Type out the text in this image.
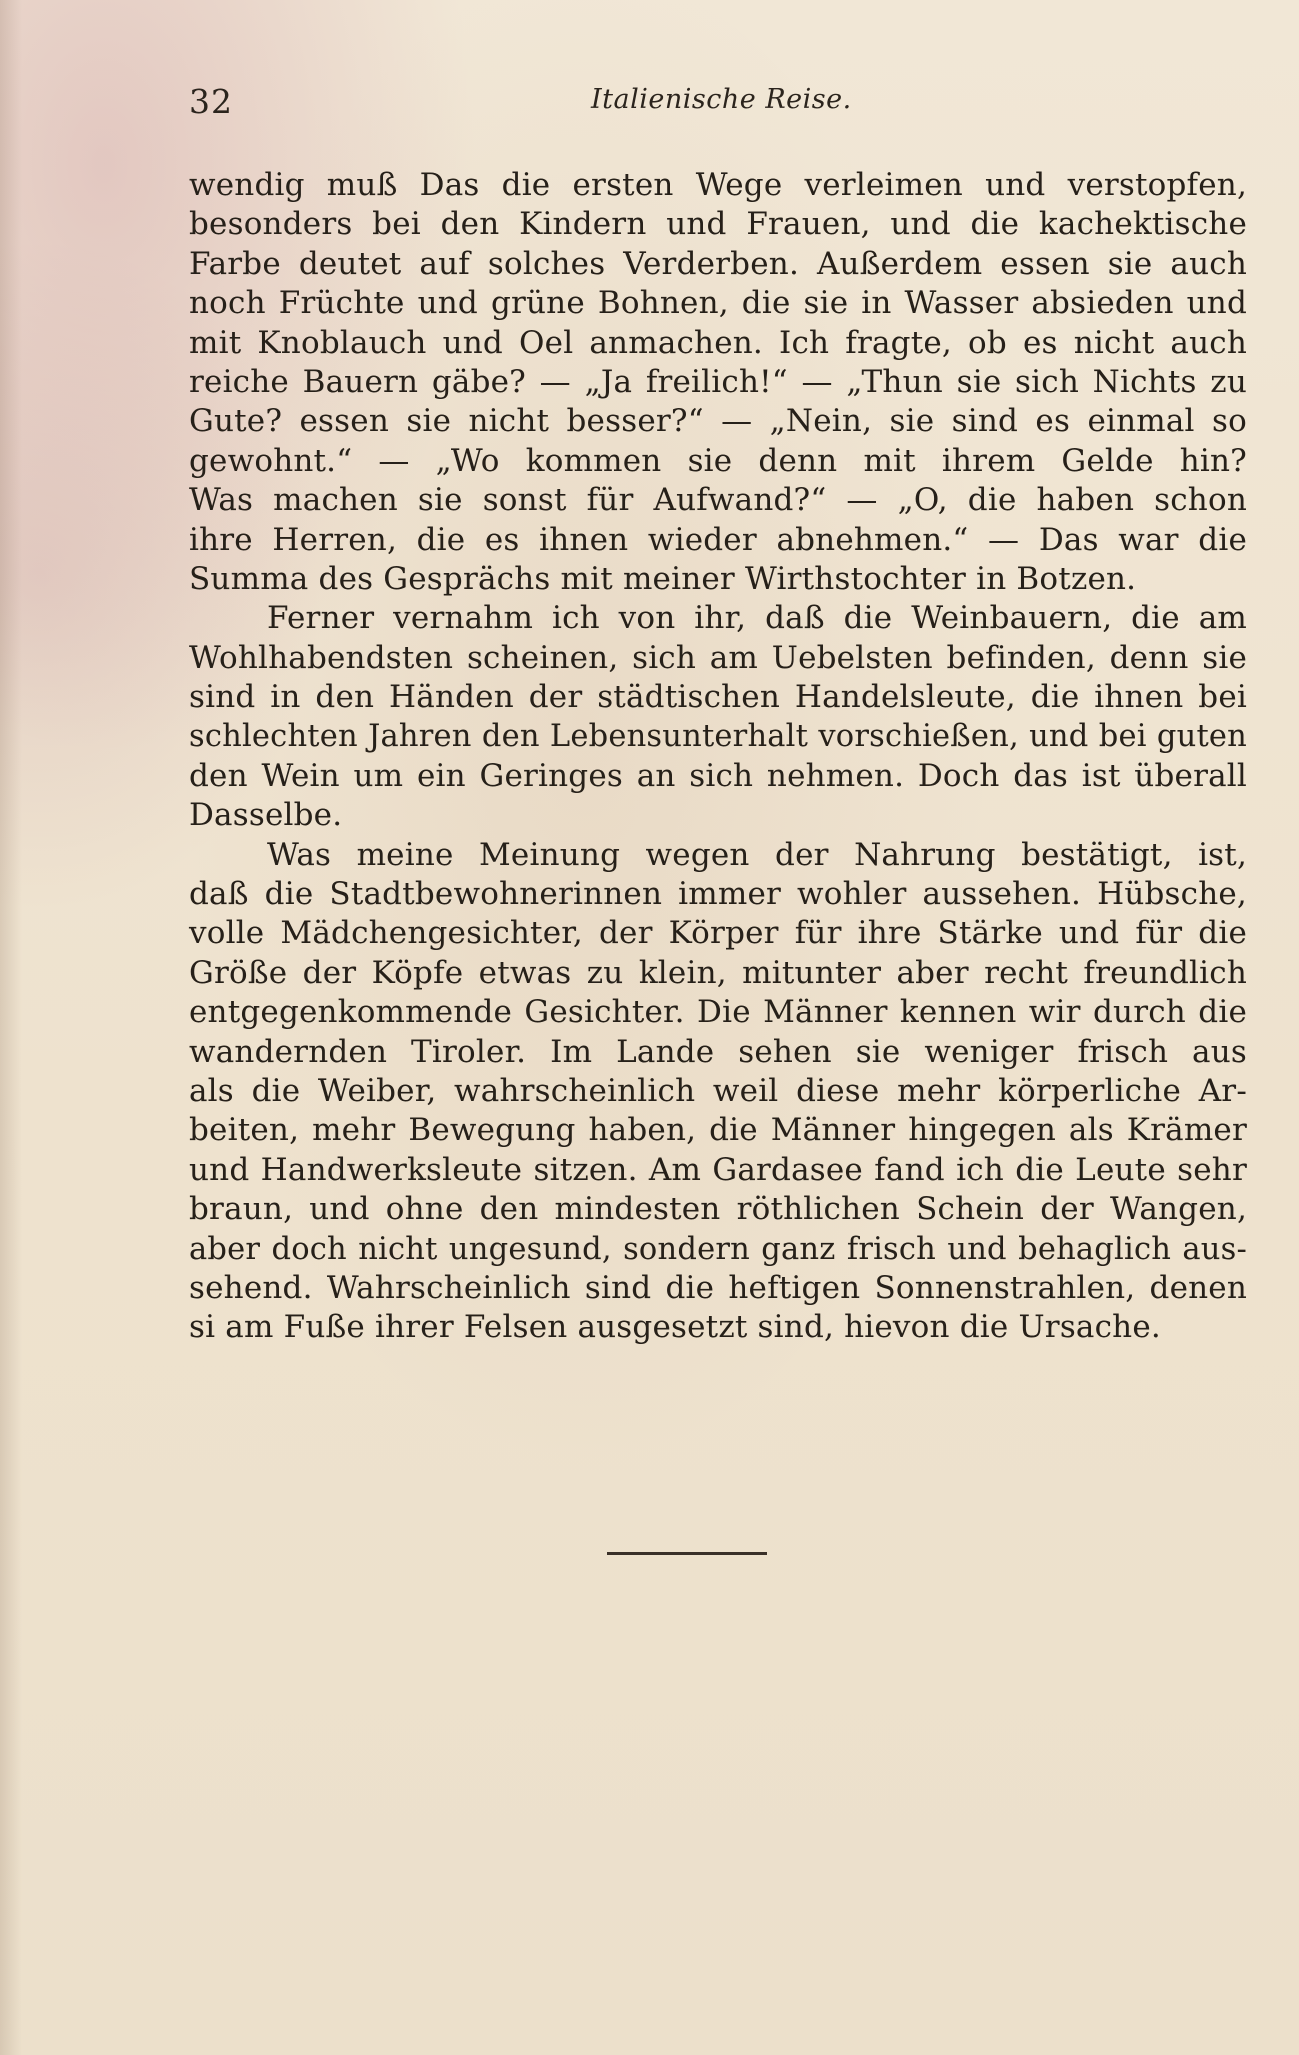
32	Italienische Reise.
wendig muß Das die ersten Wege verleimen und verstopfen,
besonders bei den Kindern und Frauen, und die kachektische
Farbe deutet auf solches Verderben. Außerdem essen sie auch
noch Früchte und grüne Bohnen, die sie in Wasser absieden und
mit Knoblauch und Oel anmachen. Ich fragte, ob es nicht auch
reiche Bauern gäbe? — „Ja freilich!“ — „Thun sie sich Nichts zu
Gute? essen sie nicht besser?“ — „Nein, sie sind es einmal so
gewohnt.“ — „Wo kommen sie denn mit ihrem Gelde hin?
Was machen sie sonst für Aufwand?“ — „O, die haben schon
ihre Herren, die es ihnen wieder abnehmen.“ — Das war die
Summa des Gesprächs mit meiner Wirthstochter in Botzen.
Ferner vernahm ich von ihr, daß die Weinbauern, die am
Wohlhabendsten scheinen, sich am Uebelsten befinden, denn sie
sind in den Händen der städtischen Handelsleute, die ihnen bei
schlechten Jahren den Lebensunterhalt vorschießen, und bei guten
den Wein um ein Geringes an sich nehmen. Doch das ist überall
Dasselbe.
Was meine Meinung wegen der Nahrung bestätigt, ist,
daß die Stadtbewohnerinnen immer wohler aussehen. Hübsche,
volle Mädchengesichter, der Körper für ihre Stärke und für die
Größe der Köpfe etwas zu klein, mitunter aber recht freundlich
entgegenkommende Gesichter. Die Männer kennen wir durch die
wandernden Tiroler. Im Lande sehen sie weniger frisch aus
als die Weiber, wahrscheinlich weil diese mehr körperliche Ar-
beiten, mehr Bewegung haben, die Männer hingegen als Krämer
und Handwerksleute sitzen. Am Gardasee fand ich die Leute sehr
braun, und ohne den mindesten röthlichen Schein der Wangen,
aber doch nicht ungesund, sondern ganz frisch und behaglich aus-
sehend. Wahrscheinlich sind die heftigen Sonnenstrahlen, denen
si am Fuße ihrer Felsen ausgesetzt sind, hievon die Ursache.
